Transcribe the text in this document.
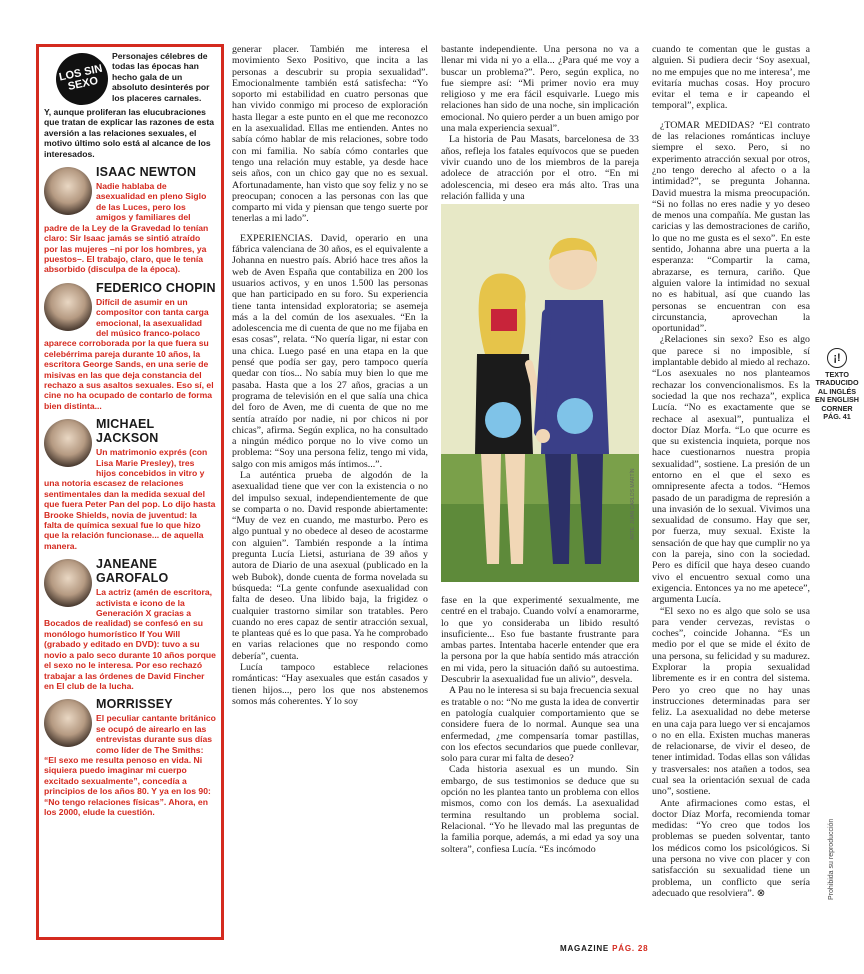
LOS SIN SEXO
Personajes célebres de todas las épocas han hecho gala de un absoluto desinterés por los placeres carnales.
Y, aunque proliferan las elucubraciones que tratan de explicar las razones de esta aversión a las relaciones sexuales, el motivo último solo está al alcance de los interesados.
ISAAC NEWTON

Nadie hablaba de asexualidad en pleno Siglo de las Luces, pero los amigos y familiares del padre de la Ley de la Gravedad lo tenían claro: Sir Isaac jamás se sintió atraído por las mujeres –ni por los hombres, ya puestos–. El trabajo, claro, que le tenía absorbido (disculpa de la época).

FEDERICO CHOPIN

Difícil de asumir en un compositor con tanta carga emocional, la asexualidad del músico franco-polaco aparece corroborada por la que fuera su celebérrima pareja durante 10 años, la escritora George Sands, en una serie de misivas en las que deja constancia del rechazo a sus asaltos sexuales. Eso sí, el cine no ha ocupado de contarlo de forma bien distinta...

MICHAEL JACKSON

Un matrimonio exprés (con Lisa Marie Presley), tres hijos concebidos in vitro y una notoria escasez de relaciones sentimentales dan la medida sexual del que fuera Peter Pan del pop. Lo dijo hasta Brooke Shields, novia de juventud: la falta de química sexual fue lo que hizo que la relación funcionase... de aquella manera.

JANEANE GAROFALO

La actriz (amén de escritora, activista e icono de la Generación X gracias a Bocados de realidad) se confesó en su monólogo humorístico If You Will (grabado y editado en DVD): tuvo a su novio a palo seco durante 10 años porque el sexo no le interesa. Por eso rechazó trabajar a las órdenes de David Fincher en El club de la lucha.

MORRISSEY

El peculiar cantante británico se ocupó de airearlo en las entrevistas durante sus días como líder de The Smiths: “El sexo me resulta penoso en vida. Ni siquiera puedo imaginar mi cuerpo excitado sexualmente”, concedía a principios de los años 80. Y ya en los 90: “No tengo relaciones físicas”. Ahora, en los 2000, elude la cuestión.

generar placer. También me interesa el movimiento Sexo Positivo, que incita a las personas a descubrir su propia sexualidad”. Emocionalmente también está satisfecha: “Yo soporto mi estabilidad en cuatro personas que han vivido conmigo mi proceso de exploración hasta llegar a este punto en el que me reconozco en la asexualidad. Ellas me entienden. Antes no sabía cómo hablar de mis relaciones, sobre todo con mi familia. No sabía cómo contarles que tengo una relación muy estable, ya desde hace seis años, con un chico gay que no es sexual. Afortunadamente, han visto que soy feliz y no se preocupan; conocen a las personas con las que comparto mi vida y piensan que tengo suerte por tenerlas a mi lado”.

EXPERIENCIAS. David, operario en una fábrica valenciana de 30 años, es el equivalente a Johanna en nuestro país. Abrió hace tres años la web de Aven España que contabiliza en 200 los usuarios activos, y en unos 1.500 las personas que han participado en su foro. Su experiencia tiene tanta intensidad exploratoria; se asemeja más a la del común de los asexuales. “En la adolescencia me di cuenta de que no me fijaba en esas cosas”, relata. “No quería ligar, ni estar con una chica. Luego pasé en una etapa en la que pensé que podía ser gay, pero tampoco quería quedar con tíos... No sabía muy bien lo que me pasaba. Hasta que a los 27 años, gracias a un programa de televisión en el que salía una chica del foro de Aven, me di cuenta de que no me sentía atraído por nadie, ni por chicos ni por chicas”, afirma. Según explica, no ha consultado a ningún médico porque no lo vive como un problema: “Soy una persona feliz, tengo mi vida, salgo con mis amigos más íntimos...”.

La auténtica prueba de algodón de la asexualidad tiene que ver con la existencia o no del impulso sexual, independientemente de que se comparta o no. David responde abiertamente: “Muy de vez en cuando, me masturbo. Pero es algo puntual y no obedece al deseo de acostarme con alguien”. También responde a la íntima pregunta Lucía Lietsi, asturiana de 39 años y autora de Diario de una asexual (publicado en la web Bubok), donde cuenta de forma novelada su búsqueda: “La gente confunde asexualidad con falta de deseo. Una libido baja, la frigidez o cualquier trastorno similar son tratables. Pero cuando no eres capaz de sentir atracción sexual, te planteas qué es lo que pasa. Ya he comprobado en varias relaciones que no respondo como debería”, cuenta.

Lucía tampoco establece relaciones románticas: “Hay asexuales que están casados y tienen hijos..., pero los que nos abstenemos somos más coherentes. Y lo soy

bastante independiente. Una persona no va a llenar mi vida ni yo a ella... ¿Para qué me voy a buscar un problema?”. Pero, según explica, no fue siempre así: “Mi primer novio era muy religioso y me era fácil esquivarle. Luego mis relaciones han sido de una noche, sin implicación emocional. No quiero perder a un buen amigo por una mala experiencia sexual”.

La historia de Pau Masats, barcelonesa de 33 años, refleja los fatales equívocos que se pueden vivir cuando uno de los miembros de la pareja adolece de atracción por el otro. “En mi adolescencia, mi deseo era más alto. Tras una relación fallida y una

ARTE: JUAN CARLOS MARTÍN

fase en la que experimenté sexualmente, me centré en el trabajo. Cuando volví a enamorarme, lo que yo consideraba un libido resultó insuficiente... Eso fue bastante frustrante para ambas partes. Intentaba hacerle entender que era la persona por la que había sentido más atracción en mi vida, pero la situación dañó su autoestima. Descubrir la asexualidad fue un alivio”, desvela.

A Pau no le interesa si su baja frecuencia sexual es tratable o no: “No me gusta la idea de convertir en patología cualquier comportamiento que se considere fuera de lo normal. Aunque sea una enfermedad, ¿me compensaría tomar pastillas, con los efectos secundarios que puede conllevar, solo para curar mi falta de deseo?

Cada historia asexual es un mundo. Sin embargo, de sus testimonios se deduce que su opción no les plantea tanto un problema con ellos mismos, como con los demás. La asexualidad termina resultando un problema social. Relacional. “Yo he llevado mal las preguntas de la familia porque, además, a mi edad ya soy una soltera”, confiesa Lucía. “Es incómodo

cuando te comentan que le gustas a alguien. Si pudiera decir ‘Soy asexual, no me empujes que no me interesa’, me evitaría muchas cosas. Hoy procuro evitar el tema e ir capeando el temporal”, explica.

¿TOMAR MEDIDAS? “El contrato de las relaciones románticas incluye siempre el sexo. Pero, si no experimento atracción sexual por otros, ¿no tengo derecho al afecto o a la intimidad?”, se pregunta Johanna. David muestra la misma preocupación. “Si no follas no eres nadie y yo deseo de menos una compañía. Me gustan las caricias y las demostraciones de cariño, lo que no me gusta es el sexo”. En este sentido, Johanna abre una puerta a la esperanza: “Compartir la cama, abrazarse, es ternura, cariño. Que alguien valore la intimidad no sexual no es habitual, así que cuando las personas se encuentran con esa circunstancia, aprovechan la oportunidad”.

¿Relaciones sin sexo? Eso es algo que parece si no imposible, sí implantable debido al miedo al rechazo. “Los asexuales no nos planteamos rechazar los convencionalismos. Es la sociedad la que nos rechaza”, explica Lucía. “No es exactamente que se rechace al asexual”, puntualiza el doctor Díaz Morfa. “Lo que ocurre es que su existencia inquieta, porque nos hace cuestionarnos nuestra propia sexualidad”, sostiene. La presión de un entorno en el que el sexo es omnipresente afecta a todos. “Hemos pasado de un paradigma de represión a una invasión de lo sexual. Vivimos una sexualidad de consumo. Hay que ser, por fuerza, muy sexual. Existe la sensación de que hay que cumplir no ya con la pareja, sino con la sociedad. Pero es difícil que haya deseo cuando vivo el encuentro sexual como una exigencia. Entonces ya no me apetece”, argumenta Lucía.

“El sexo no es algo que solo se usa para vender cervezas, revistas o coches”, coincide Johanna. “Es un medio por el que se mide el éxito de una persona, su felicidad y su madurez. Explorar la propia sexualidad libremente es ir en contra del sistema. Pero yo creo que no hay unas instrucciones determinadas para ser feliz. La asexualidad no debe meterse en una caja para luego ver si encajamos o no en ella. Existen muchas maneras de relacionarse, de vivir el deseo, de tener intimidad. Todas ellas son válidas y trasversales: nos atañen a todos, sea cual sea la orientación sexual de cada uno”, sostiene.

Ante afirmaciones como estas, el doctor Díaz Morfa, recomienda tomar medidas: “Yo creo que todos los problemas se pueden solventar, tanto los médicos como los psicológicos. Si una persona no vive con placer y con satisfacción su sexualidad tiene un problema, un conflicto que sería adecuado que resolviera”. ⊗

¡!
TEXTO TRADUCIDO AL INGLÉS EN ENGLISH CORNER PÁG. 41
MAGAZINE PÁG. 28
Prohibida su reproducción
